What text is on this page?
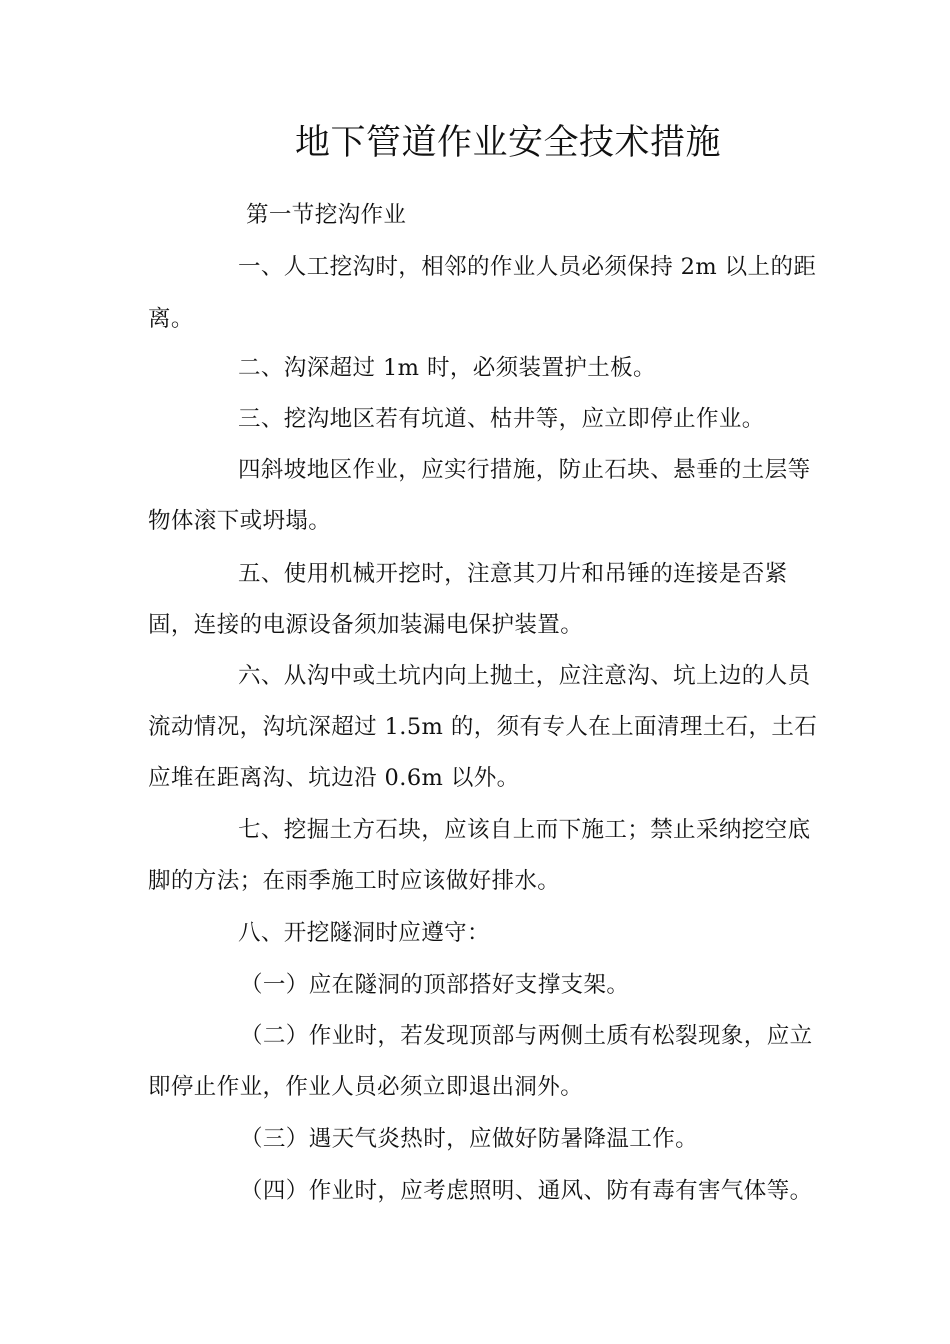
地下管道作业安全技术措施
第一节挖沟作业
一、人工挖沟时，相邻的作业人员必须保持 2m 以上的距
离。
二、沟深超过 1m 时，必须装置护土板。
三、挖沟地区若有坑道、枯井等，应立即停止作业。
四斜坡地区作业，应实行措施，防止石块、悬垂的土层等
物体滚下或坍塌。
五、使用机械开挖时，注意其刀片和吊锤的连接是否紧
固，连接的电源设备须加装漏电保护装置。
六、从沟中或土坑内向上抛土，应注意沟、坑上边的人员
流动情况，沟坑深超过 1.5m 的，须有专人在上面清理土石，土石
应堆在距离沟、坑边沿 0.6m 以外。
七、挖掘土方石块，应该自上而下施工；禁止采纳挖空底
脚的方法；在雨季施工时应该做好排水。
八、开挖隧洞时应遵守：
（一）应在隧洞的顶部搭好支撑支架。
（二）作业时，若发现顶部与两侧土质有松裂现象，应立
即停止作业，作业人员必须立即退出洞外。
（三）遇天气炎热时，应做好防暑降温工作。
（四）作业时，应考虑照明、通风、防有毒有害气体等。
